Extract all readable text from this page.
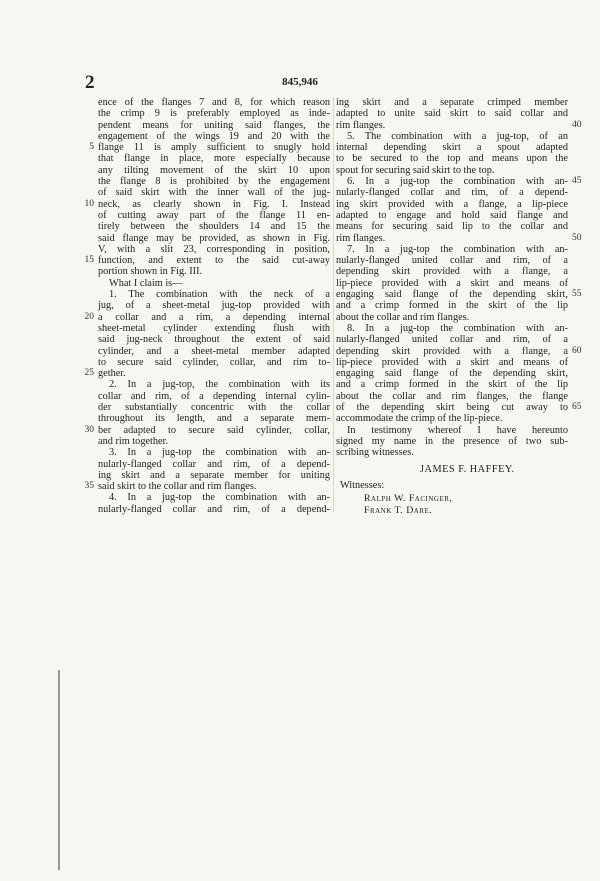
2	845,946
ence of the flanges 7 and 8, for which reason
the crimp 9 is preferably employed as inde-
pendent means for uniting said flanges, the
engagement of the wings 19 and 20 with the
flange 11 is amply sufficient to snugly hold
5
that flange in place, more especially because
any tilting movement of the skirt 10 upon
the flange 8 is prohibited by the engagement
of said skirt with the inner wall of the jug-
neck, as clearly shown in Fig. I. Instead
10
of cutting away part of the flange 11 en-
tirely between the shoulders 14 and 15 the
said flange may be provided, as shown in Fig.
V, with a slit 23, corresponding in position,
function, and extent to the said cut-away
15
portion shown in Fig. III.
What I claim is—
1. The combination with the neck of a
jug, of a sheet-metal jug-top provided with
a collar and a rim, a depending internal
20
sheet-metal cylinder extending flush with
said jug-neck throughout the extent of said
cylinder, and a sheet-metal member adapted
to secure said cylinder, collar, and rim to-
gether.
25
2. In a jug-top, the combination with its
collar and rim, of a depending internal cylin-
der substantially concentric with the collar
throughout its length, and a separate mem-
ber adapted to secure said cylinder, collar,
30
and rim together.
3. In a jug-top the combination with an-
nularly-flanged collar and rim, of a depend-
ing skirt and a separate member for uniting
said skirt to the collar and rim flanges.
35
4. In a jug-top the combination with an-
nularly-flanged collar and rim, of a depend-
ing skirt and a separate crimped member
adapted to unite said skirt to said collar and
rim flanges.	40
5. The combination with a jug-top, of an
internal depending skirt a spout adapted
to be secured to the top and means upon the
spout for securing said skirt to the top.
6. In a jug-top the combination with an- 45
nularly-flanged collar and rim, of a depend-
ing skirt provided with a flange, a lip-piece
adapted to engage and hold said flange and
means for securing said lip to the collar and
rim flanges.	50
7. In a jug-top the combination with an-
nularly-flanged united collar and rim, of a
depending skirt provided with a flange, a
lip-piece provided with a skirt and means of
engaging said flange of the depending skirt, 55
and a crimp formed in the skirt of the lip
about the collar and rim flanges.
8. In a jug-top the combination with an-
nularly-flanged united collar and rim, of a
depending skirt provided with a flange, a 60
lip-piece provided with a skirt and means of
engaging said flange of the depending skirt,
and a crimp formed in the skirt of the lip
about the collar and rim flanges, the flange
of the depending skirt being cut away to 65
accommodate the crimp of the lip-piece.
In testimony whereof I have hereunto
signed my name in the presence of two sub-
scribing witnesses.
JAMES F. HAFFEY.
Witnesses:
Ralph W. Facinger,
Frank T. Dare.
